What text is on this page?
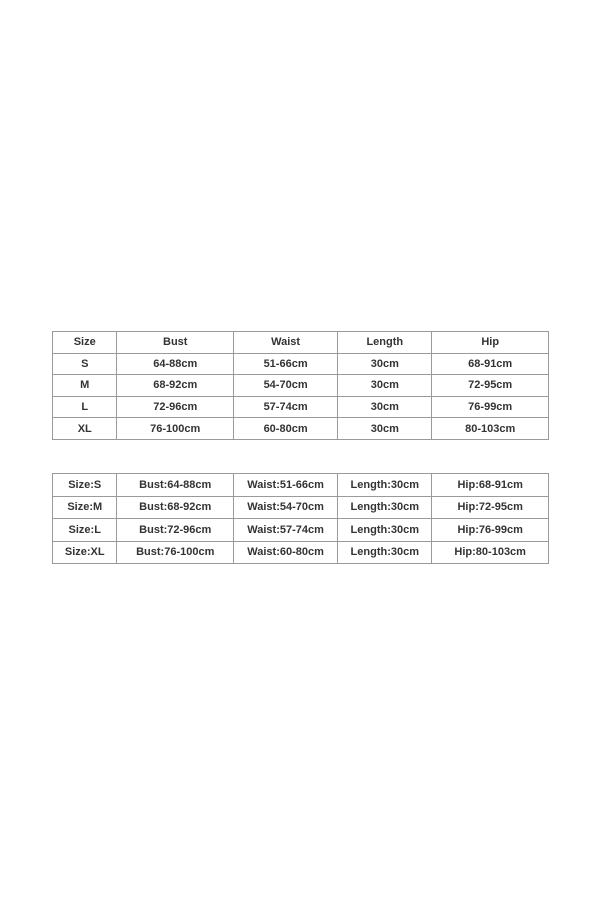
Size	Bust	Waist	Length	Hip
S	64-88cm	51-66cm	30cm	68-91cm
M	68-92cm	54-70cm	30cm	72-95cm
L	72-96cm	57-74cm	30cm	76-99cm
XL	76-100cm	60-80cm	30cm	80-103cm
Size:S	Bust:64-88cm	Waist:51-66cm	Length:30cm	Hip:68-91cm
Size:M	Bust:68-92cm	Waist:54-70cm	Length:30cm	Hip:72-95cm
Size:L	Bust:72-96cm	Waist:57-74cm	Length:30cm	Hip:76-99cm
Size:XL	Bust:76-100cm	Waist:60-80cm	Length:30cm	Hip:80-103cm
